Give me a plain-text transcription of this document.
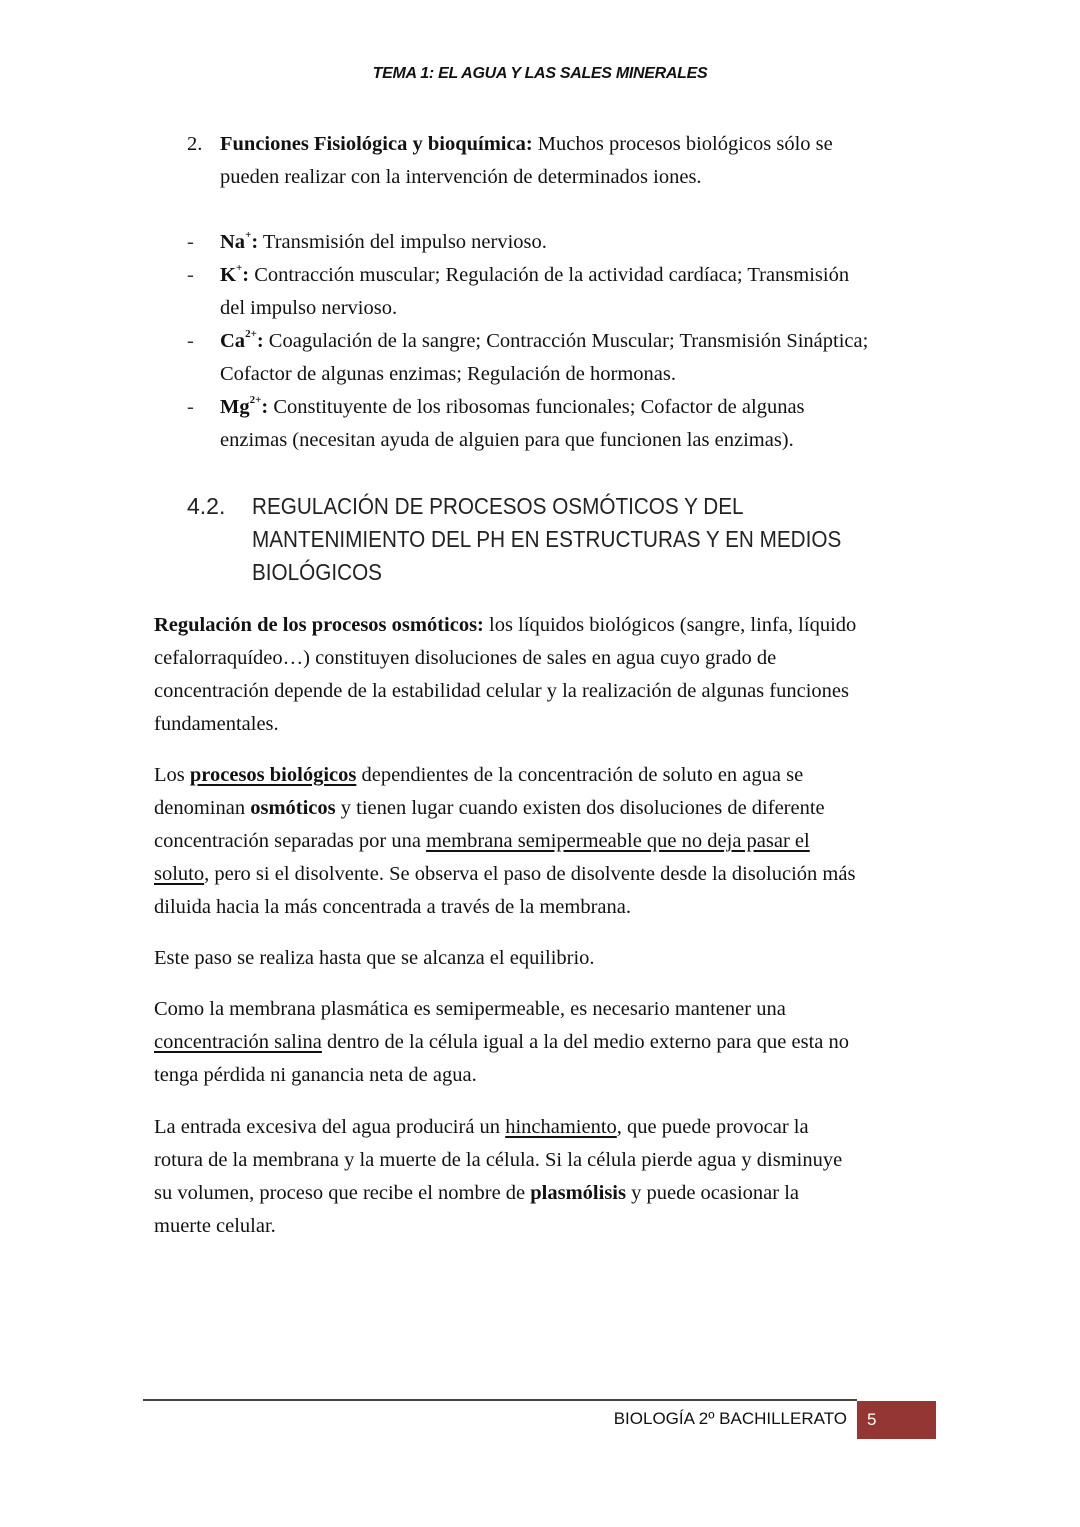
TEMA 1: EL AGUA Y LAS SALES MINERALES
2. Funciones Fisiológica y bioquímica: Muchos procesos biológicos sólo se
pueden realizar con la intervención de determinados iones.
- Na+: Transmisión del impulso nervioso.
- K+: Contracción muscular; Regulación de la actividad cardíaca; Transmisión
del impulso nervioso.
- $Ca^{2+}$: Coagulación de la sangre; Contracción Muscular; Transmisión Sináptica;
Cofactor de algunas enzimas; Regulación de hormonas.
- $Mg^{2+}$: Constituyente de los ribosomas funcionales; Cofactor de algunas
enzimas (necesitan ayuda de alguien para que funcionen las enzimas).
4.2. REGULACIÓN DE PROCESOS OSMÓTICOS Y DEL
MANTENIMIENTO DEL PH EN ESTRUCTURAS Y EN MEDIOS
BIOLÓGICOS
Regulación de los procesos osmóticos: los líquidos biológicos (sangre, linfa, líquido
cefalorraquídeo…) constituyen disoluciones de sales en agua cuyo grado de
concentración depende de la estabilidad celular y la realización de algunas funciones
fundamentales.
Los procesos biológicos dependientes de la concentración de soluto en agua se
denominan osmóticos y tienen lugar cuando existen dos disoluciones de diferente
concentración separadas por una membrana semipermeable que no deja pasar el
soluto, pero si el disolvente. Se observa el paso de disolvente desde la disolución más
diluida hacia la más concentrada a través de la membrana.
Este paso se realiza hasta que se alcanza el equilibrio.
Como la membrana plasmática es semipermeable, es necesario mantener una
concentración salina dentro de la célula igual a la del medio externo para que esta no
tenga pérdida ni ganancia neta de agua.
La entrada excesiva del agua producirá un hinchamiento, que puede provocar la
rotura de la membrana y la muerte de la célula. Si la célula pierde agua y disminuye
su volumen, proceso que recibe el nombre de plasmólisis y puede ocasionar la
muerte celular.
BIOLOGÍA 2º BACHILLERATO	5
